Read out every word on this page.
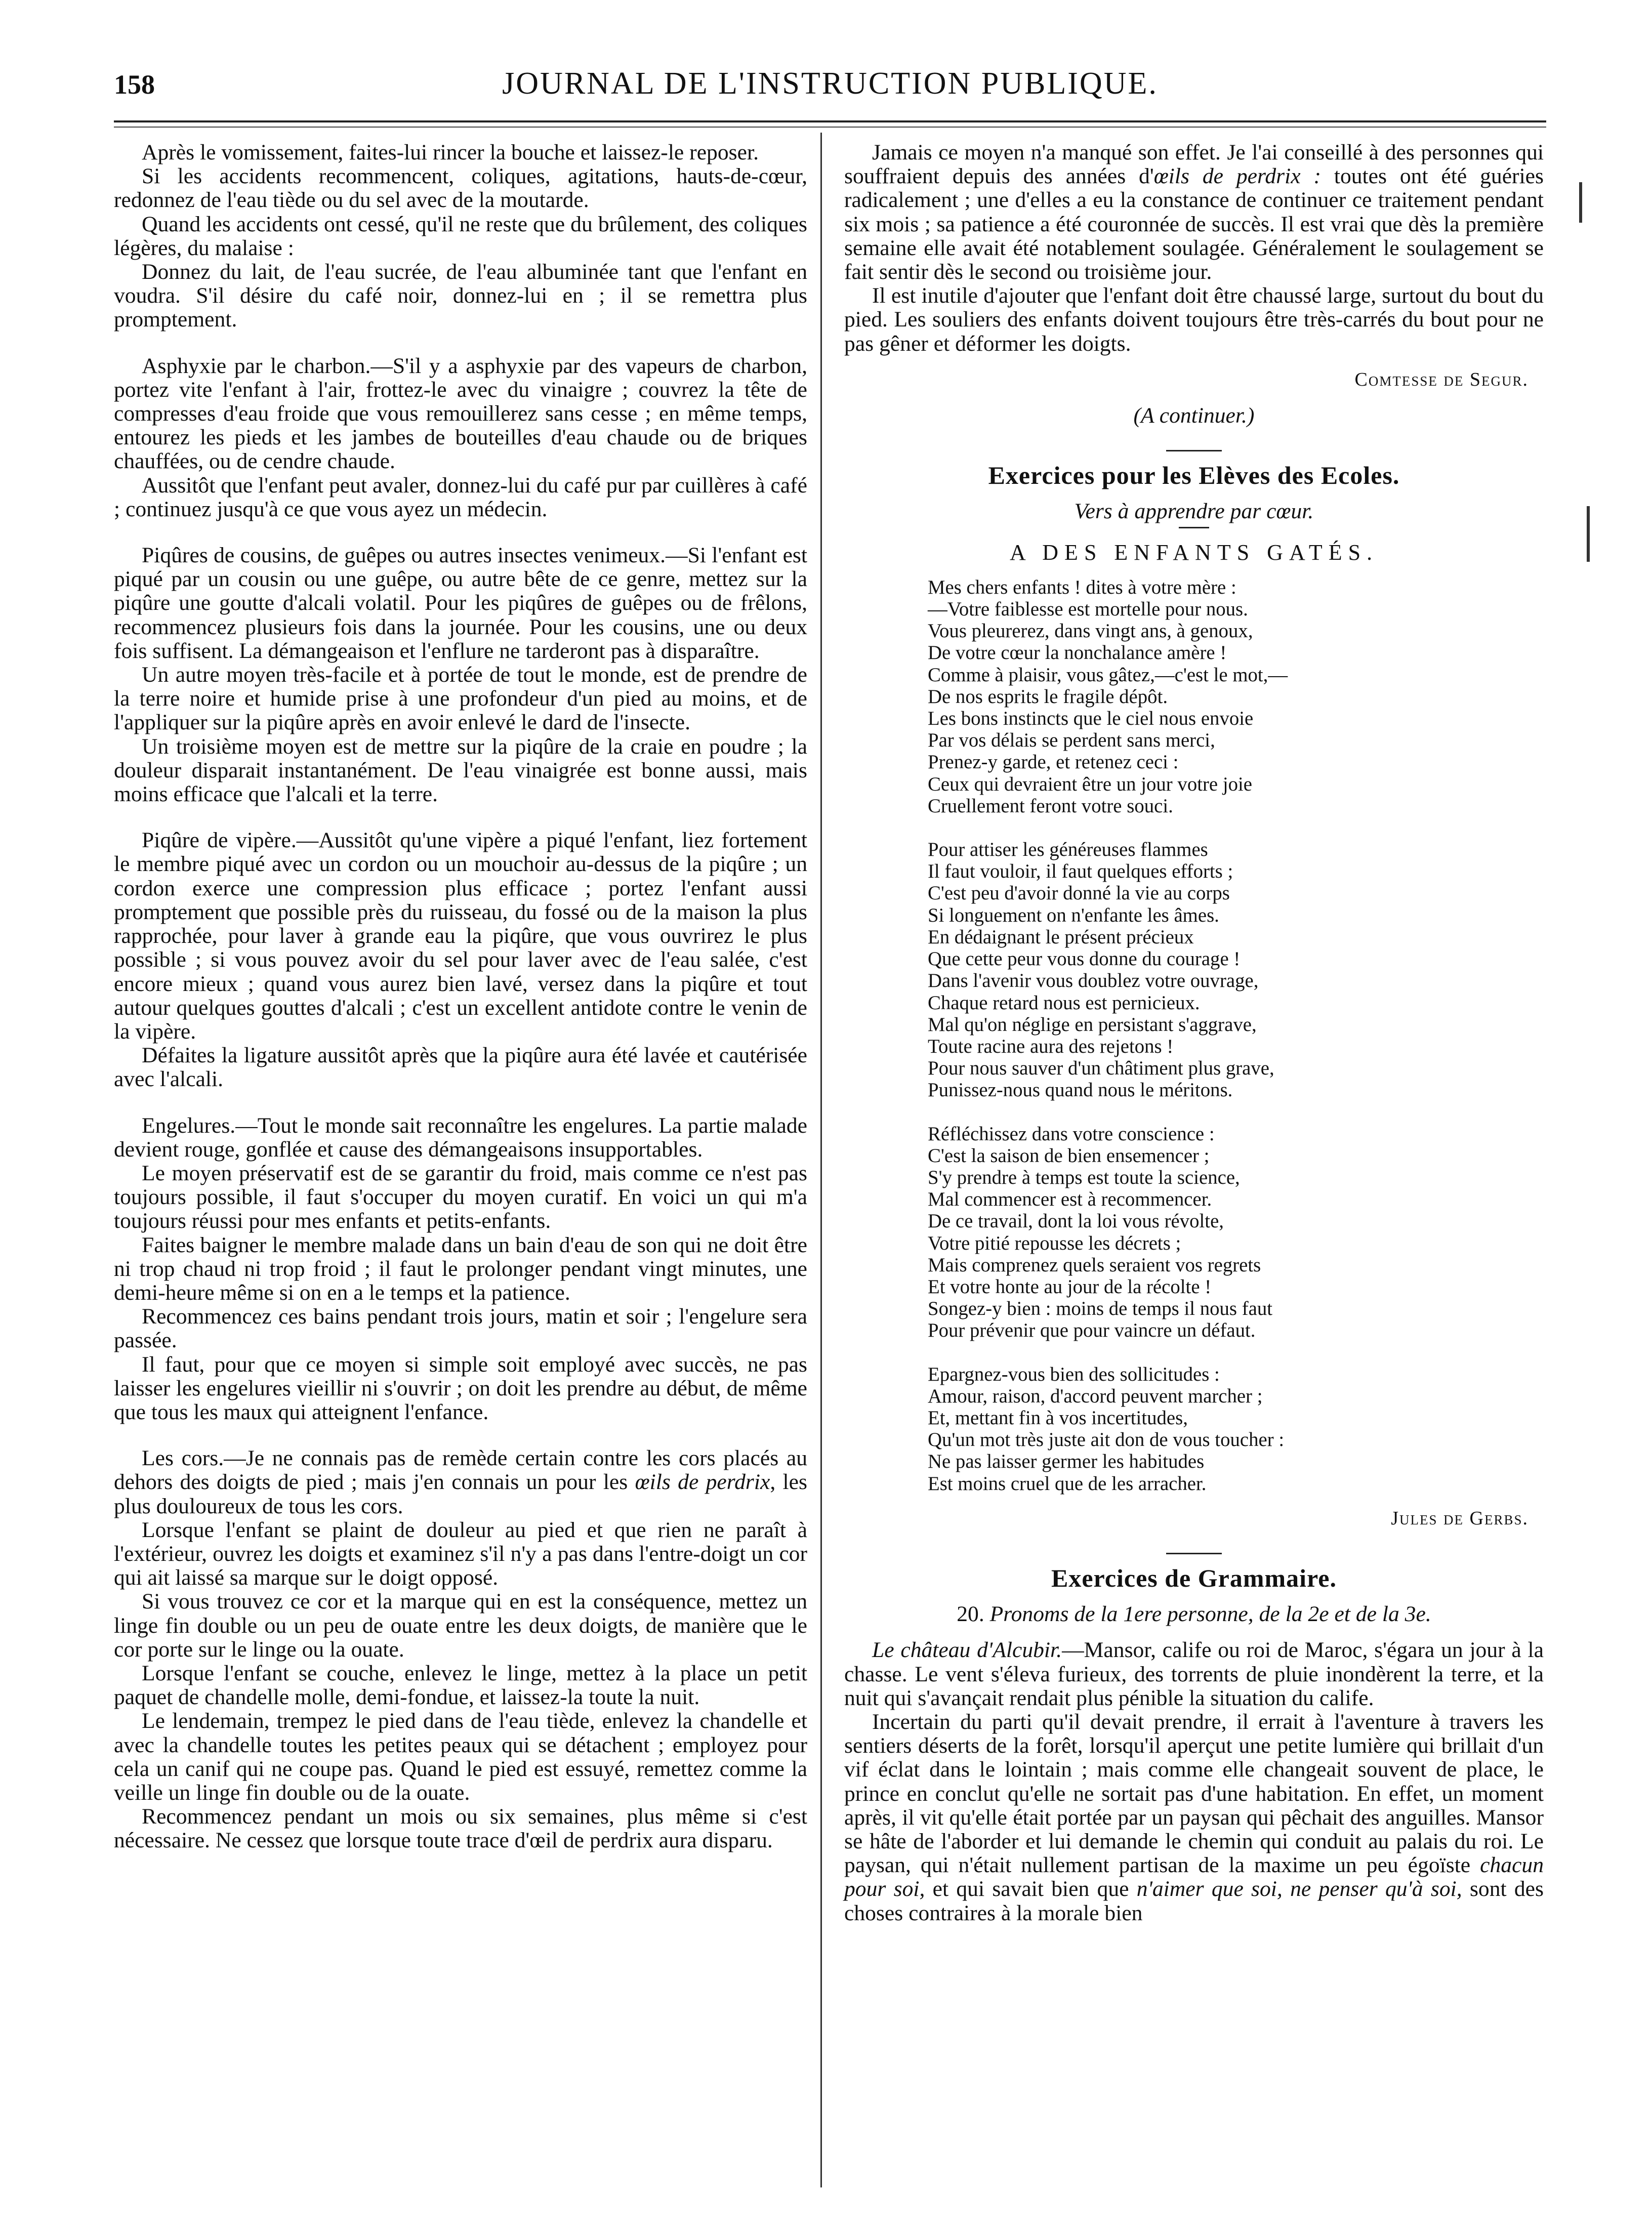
158	JOURNAL DE L'INSTRUCTION PUBLIQUE.

Après le vomissement, faites-lui rincer la bouche et laissez-le reposer.

Si les accidents recommencent, coliques, agitations, hauts-de-cœur, redonnez de l'eau tiède ou du sel avec de la moutarde.

Quand les accidents ont cessé, qu'il ne reste que du brûlement, des coliques légères, du malaise :

Donnez du lait, de l'eau sucrée, de l'eau albuminée tant que l'enfant en voudra. S'il désire du café noir, donnez-lui en ; il se remettra plus promptement.

Asphyxie par le charbon.—S'il y a asphyxie par des vapeurs de charbon, portez vite l'enfant à l'air, frottez-le avec du vinaigre ; couvrez la tête de compresses d'eau froide que vous remouillerez sans cesse ; en même temps, entourez les pieds et les jambes de bouteilles d'eau chaude ou de briques chauffées, ou de cendre chaude.

Aussitôt que l'enfant peut avaler, donnez-lui du café pur par cuillères à café ; continuez jusqu'à ce que vous ayez un médecin.

Piqûres de cousins, de guêpes ou autres insectes venimeux.—Si l'enfant est piqué par un cousin ou une guêpe, ou autre bête de ce genre, mettez sur la piqûre une goutte d'alcali volatil. Pour les piqûres de guêpes ou de frêlons, recommencez plusieurs fois dans la journée. Pour les cousins, une ou deux fois suffisent. La démangeaison et l'enflure ne tarderont pas à disparaître.

Un autre moyen très-facile et à portée de tout le monde, est de prendre de la terre noire et humide prise à une profondeur d'un pied au moins, et de l'appliquer sur la piqûre après en avoir enlevé le dard de l'insecte.

Un troisième moyen est de mettre sur la piqûre de la craie en poudre ; la douleur disparait instantanément. De l'eau vinaigrée est bonne aussi, mais moins efficace que l'alcali et la terre.

Piqûre de vipère.—Aussitôt qu'une vipère a piqué l'enfant, liez fortement le membre piqué avec un cordon ou un mouchoir au-dessus de la piqûre ; un cordon exerce une compression plus efficace ; portez l'enfant aussi promptement que possible près du ruisseau, du fossé ou de la maison la plus rapprochée, pour laver à grande eau la piqûre, que vous ouvrirez le plus possible ; si vous pouvez avoir du sel pour laver avec de l'eau salée, c'est encore mieux ; quand vous aurez bien lavé, versez dans la piqûre et tout autour quelques gouttes d'alcali ; c'est un excellent antidote contre le venin de la vipère.

Défaites la ligature aussitôt après que la piqûre aura été lavée et cautérisée avec l'alcali.

Engelures.—Tout le monde sait reconnaître les engelures. La partie malade devient rouge, gonflée et cause des démangeaisons insupportables.

Le moyen préservatif est de se garantir du froid, mais comme ce n'est pas toujours possible, il faut s'occuper du moyen curatif. En voici un qui m'a toujours réussi pour mes enfants et petits-enfants.

Faites baigner le membre malade dans un bain d'eau de son qui ne doit être ni trop chaud ni trop froid ; il faut le prolonger pendant vingt minutes, une demi-heure même si on en a le temps et la patience.

Recommencez ces bains pendant trois jours, matin et soir ; l'engelure sera passée.

Il faut, pour que ce moyen si simple soit employé avec succès, ne pas laisser les engelures vieillir ni s'ouvrir ; on doit les prendre au début, de même que tous les maux qui atteignent l'enfance.

Les cors.—Je ne connais pas de remède certain contre les cors placés au dehors des doigts de pied ; mais j'en connais un pour les œils de perdrix, les plus douloureux de tous les cors.

Lorsque l'enfant se plaint de douleur au pied et que rien ne paraît à l'extérieur, ouvrez les doigts et examinez s'il n'y a pas dans l'entre-doigt un cor qui ait laissé sa marque sur le doigt opposé.

Si vous trouvez ce cor et la marque qui en est la conséquence, mettez un linge fin double ou un peu de ouate entre les deux doigts, de manière que le cor porte sur le linge ou la ouate.

Lorsque l'enfant se couche, enlevez le linge, mettez à la place un petit paquet de chandelle molle, demi-fondue, et laissez-la toute la nuit.

Le lendemain, trempez le pied dans de l'eau tiède, enlevez la chandelle et avec la chandelle toutes les petites peaux qui se détachent ; employez pour cela un canif qui ne coupe pas. Quand le pied est essuyé, remettez comme la veille un linge fin double ou de la ouate.

Recommencez pendant un mois ou six semaines, plus même si c'est nécessaire. Ne cessez que lorsque toute trace d'œil de perdrix aura disparu.

Jamais ce moyen n'a manqué son effet. Je l'ai conseillé à des personnes qui souffraient depuis des années d'œils de perdrix : toutes ont été guéries radicalement ; une d'elles a eu la constance de continuer ce traitement pendant six mois ; sa patience a été couronnée de succès. Il est vrai que dès la première semaine elle avait été notablement soulagée. Généralement le soulagement se fait sentir dès le second ou troisième jour.

Il est inutile d'ajouter que l'enfant doit être chaussé large, surtout du bout du pied. Les souliers des enfants doivent toujours être très-carrés du bout pour ne pas gêner et déformer les doigts.

Comtesse de Segur.

(A continuer.)

Exercices pour les Elèves des Ecoles.

Vers à apprendre par cœur.

A DES ENFANTS GATÉS.

Mes chers enfants ! dites à votre mère :
—Votre faiblesse est mortelle pour nous.
Vous pleurerez, dans vingt ans, à genoux,
De votre cœur la nonchalance amère !
Comme à plaisir, vous gâtez,—c'est le mot,—
De nos esprits le fragile dépôt.
Les bons instincts que le ciel nous envoie
Par vos délais se perdent sans merci,
Prenez-y garde, et retenez ceci :
Ceux qui devraient être un jour votre joie
Cruellement feront votre souci.
Pour attiser les généreuses flammes
Il faut vouloir, il faut quelques efforts ;
C'est peu d'avoir donné la vie au corps
Si longuement on n'enfante les âmes.
En dédaignant le présent précieux
Que cette peur vous donne du courage !
Dans l'avenir vous doublez votre ouvrage,
Chaque retard nous est pernicieux.
Mal qu'on néglige en persistant s'aggrave,
Toute racine aura des rejetons !
Pour nous sauver d'un châtiment plus grave,
Punissez-nous quand nous le méritons.
Réfléchissez dans votre conscience :
C'est la saison de bien ensemencer ;
S'y prendre à temps est toute la science,
Mal commencer est à recommencer.
De ce travail, dont la loi vous révolte,
Votre pitié repousse les décrets ;
Mais comprenez quels seraient vos regrets
Et votre honte au jour de la récolte !
Songez-y bien : moins de temps il nous faut
Pour prévenir que pour vaincre un défaut.
Epargnez-vous bien des sollicitudes :
Amour, raison, d'accord peuvent marcher ;
Et, mettant fin à vos incertitudes,
Qu'un mot très juste ait don de vous toucher :
Ne pas laisser germer les habitudes
Est moins cruel que de les arracher.

Jules de Gerbs.

Exercices de Grammaire.

20. Pronoms de la 1ere personne, de la 2e et de la 3e.

Le château d'Alcubir.—Mansor, calife ou roi de Maroc, s'égara un jour à la chasse. Le vent s'éleva furieux, des torrents de pluie inondèrent la terre, et la nuit qui s'avançait rendait plus pénible la situation du calife.

Incertain du parti qu'il devait prendre, il errait à l'aventure à travers les sentiers déserts de la forêt, lorsqu'il aperçut une petite lumière qui brillait d'un vif éclat dans le lointain ; mais comme elle changeait souvent de place, le prince en conclut qu'elle ne sortait pas d'une habitation. En effet, un moment après, il vit qu'elle était portée par un paysan qui pêchait des anguilles. Mansor se hâte de l'aborder et lui demande le chemin qui conduit au palais du roi. Le paysan, qui n'était nullement partisan de la maxime un peu égoïste chacun pour soi, et qui savait bien que n'aimer que soi, ne penser qu'à soi, sont des choses contraires à la morale bien
